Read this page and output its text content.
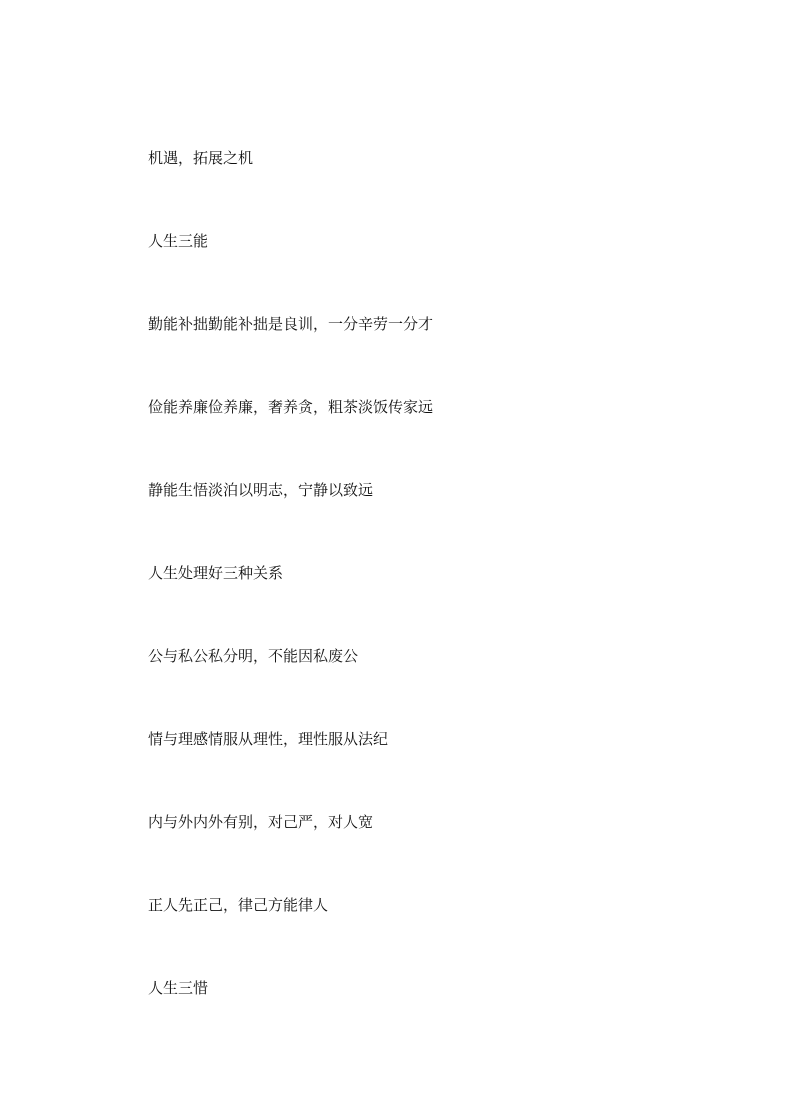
机遇，拓展之机

人生三能

勤能补拙勤能补拙是良训，一分辛劳一分才

俭能养廉俭养廉，奢养贪，粗茶淡饭传家远

静能生悟淡泊以明志，宁静以致远

人生处理好三种关系

公与私公私分明，不能因私废公

情与理感情服从理性，理性服从法纪

内与外内外有别，对己严，对人宽

正人先正己，律己方能律人

人生三惜
